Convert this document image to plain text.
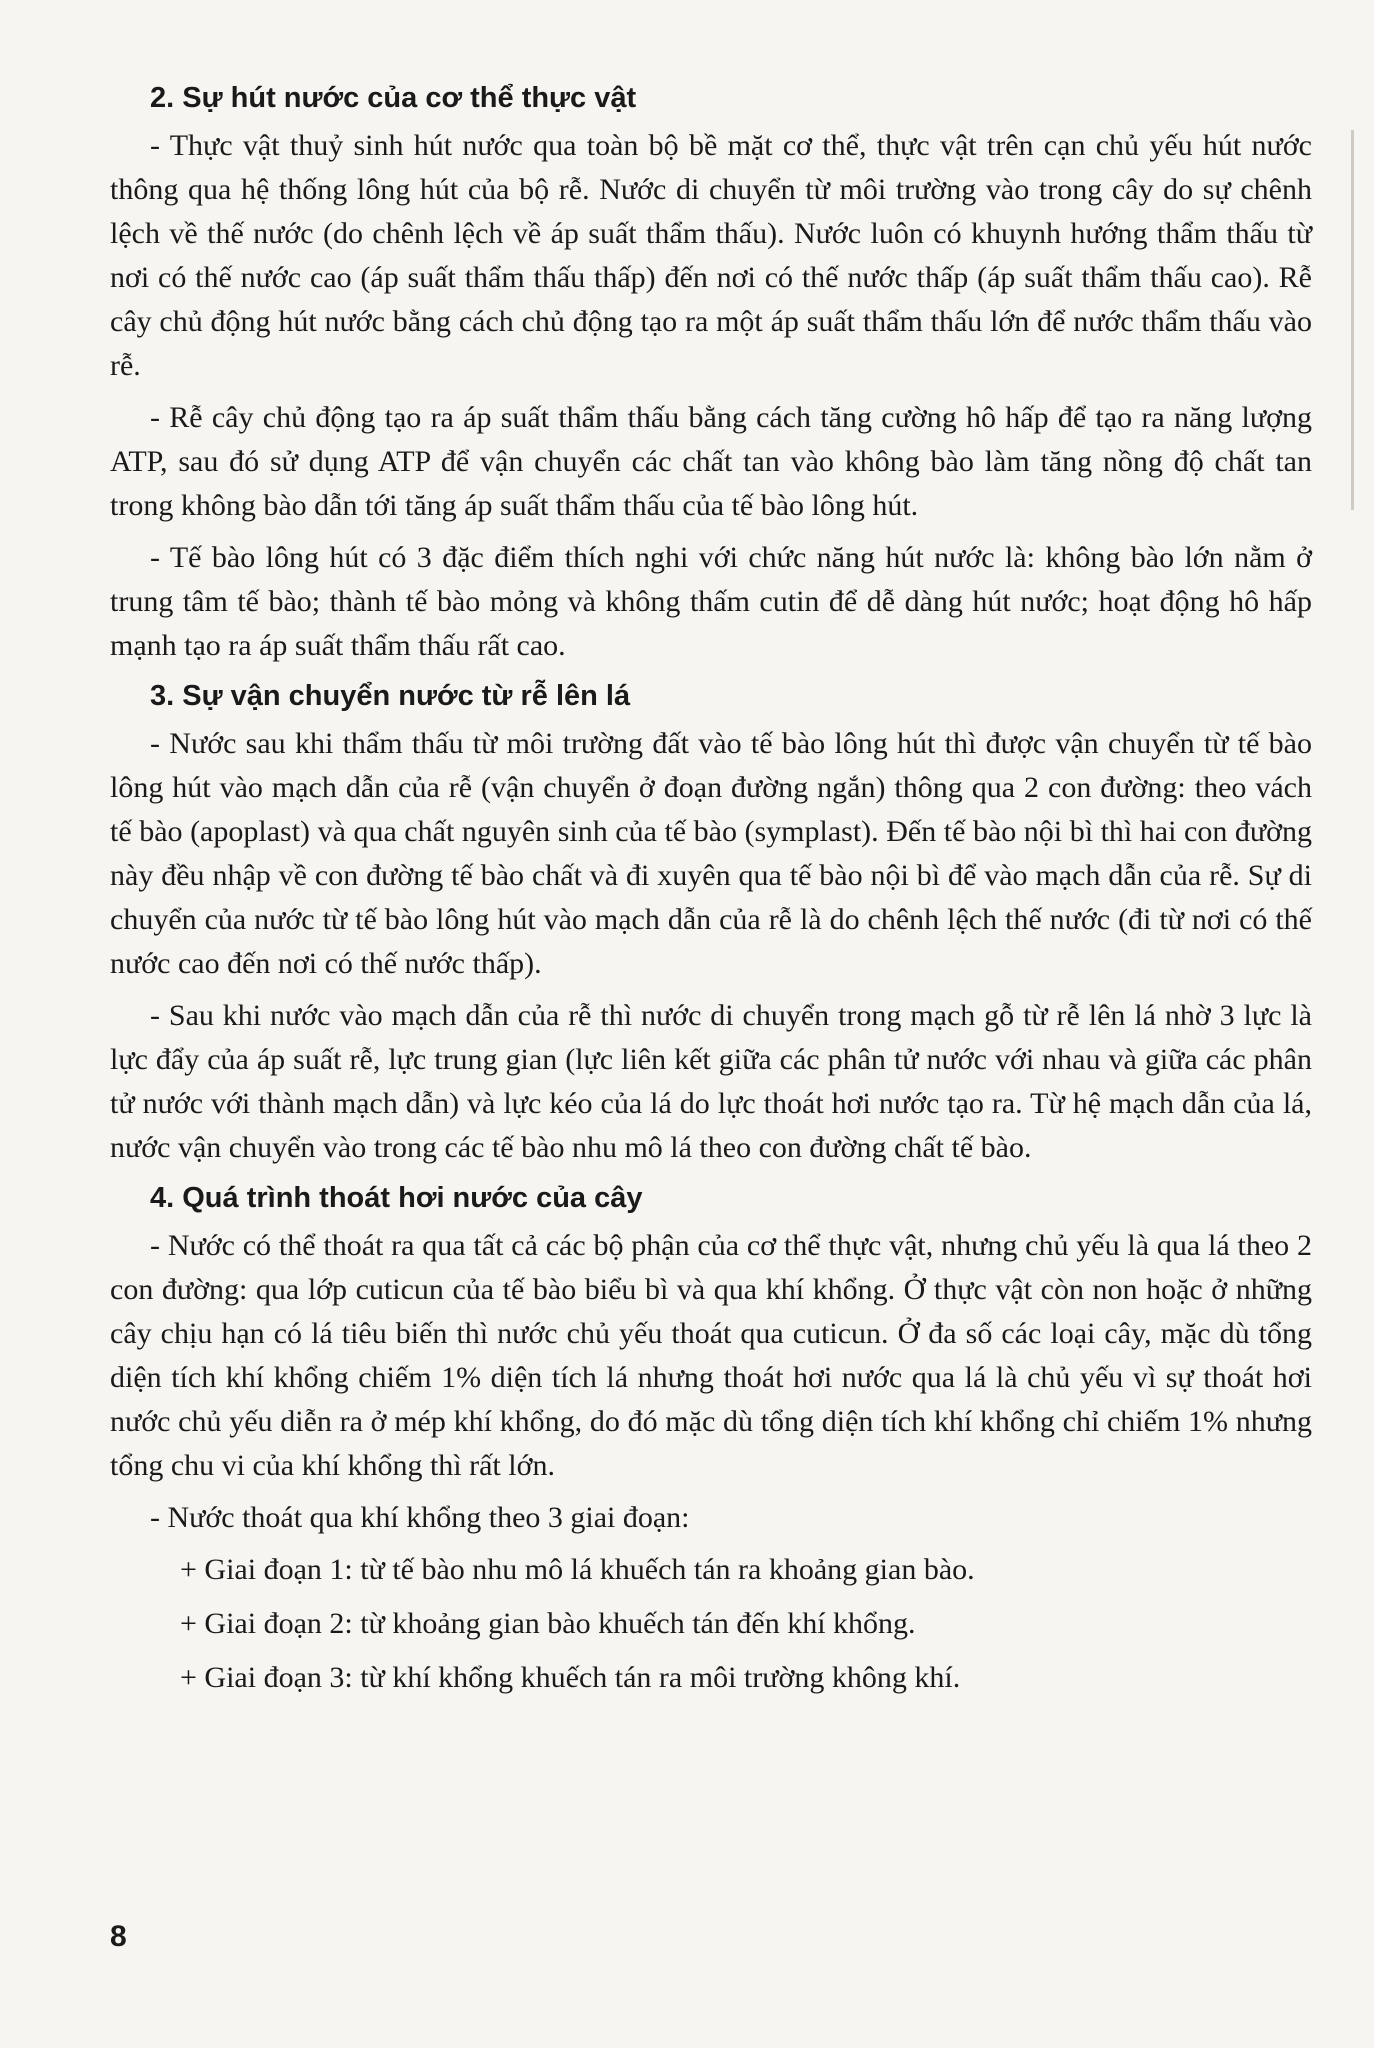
2. Sự hút nước của cơ thể thực vật

- Thực vật thuỷ sinh hút nước qua toàn bộ bề mặt cơ thể, thực vật trên cạn chủ yếu hút nước thông qua hệ thống lông hút của bộ rễ. Nước di chuyển từ môi trường vào trong cây do sự chênh lệch về thế nước (do chênh lệch về áp suất thẩm thấu). Nước luôn có khuynh hướng thẩm thấu từ nơi có thế nước cao (áp suất thẩm thấu thấp) đến nơi có thế nước thấp (áp suất thẩm thấu cao). Rễ cây chủ động hút nước bằng cách chủ động tạo ra một áp suất thẩm thấu lớn để nước thẩm thấu vào rễ.

- Rễ cây chủ động tạo ra áp suất thẩm thấu bằng cách tăng cường hô hấp để tạo ra năng lượng ATP, sau đó sử dụng ATP để vận chuyển các chất tan vào không bào làm tăng nồng độ chất tan trong không bào dẫn tới tăng áp suất thẩm thấu của tế bào lông hút.

- Tế bào lông hút có 3 đặc điểm thích nghi với chức năng hút nước là: không bào lớn nằm ở trung tâm tế bào; thành tế bào mỏng và không thấm cutin để dễ dàng hút nước; hoạt động hô hấp mạnh tạo ra áp suất thẩm thấu rất cao.

3. Sự vận chuyển nước từ rễ lên lá

- Nước sau khi thẩm thấu từ môi trường đất vào tế bào lông hút thì được vận chuyển từ tế bào lông hút vào mạch dẫn của rễ (vận chuyển ở đoạn đường ngắn) thông qua 2 con đường: theo vách tế bào (apoplast) và qua chất nguyên sinh của tế bào (symplast). Đến tế bào nội bì thì hai con đường này đều nhập về con đường tế bào chất và đi xuyên qua tế bào nội bì để vào mạch dẫn của rễ. Sự di chuyển của nước từ tế bào lông hút vào mạch dẫn của rễ là do chênh lệch thế nước (đi từ nơi có thế nước cao đến nơi có thế nước thấp).

- Sau khi nước vào mạch dẫn của rễ thì nước di chuyển trong mạch gỗ từ rễ lên lá nhờ 3 lực là lực đẩy của áp suất rễ, lực trung gian (lực liên kết giữa các phân tử nước với nhau và giữa các phân tử nước với thành mạch dẫn) và lực kéo của lá do lực thoát hơi nước tạo ra. Từ hệ mạch dẫn của lá, nước vận chuyển vào trong các tế bào nhu mô lá theo con đường chất tế bào.

4. Quá trình thoát hơi nước của cây

- Nước có thể thoát ra qua tất cả các bộ phận của cơ thể thực vật, nhưng chủ yếu là qua lá theo 2 con đường: qua lớp cuticun của tế bào biểu bì và qua khí khổng. Ở thực vật còn non hoặc ở những cây chịu hạn có lá tiêu biến thì nước chủ yếu thoát qua cuticun. Ở đa số các loại cây, mặc dù tổng diện tích khí khổng chiếm 1% diện tích lá nhưng thoát hơi nước qua lá là chủ yếu vì sự thoát hơi nước chủ yếu diễn ra ở mép khí khổng, do đó mặc dù tổng diện tích khí khổng chỉ chiếm 1% nhưng tổng chu vi của khí khổng thì rất lớn.

- Nước thoát qua khí khổng theo 3 giai đoạn:

+ Giai đoạn 1: từ tế bào nhu mô lá khuếch tán ra khoảng gian bào.
+ Giai đoạn 2: từ khoảng gian bào khuếch tán đến khí khổng.
+ Giai đoạn 3: từ khí khổng khuếch tán ra môi trường không khí.
8
